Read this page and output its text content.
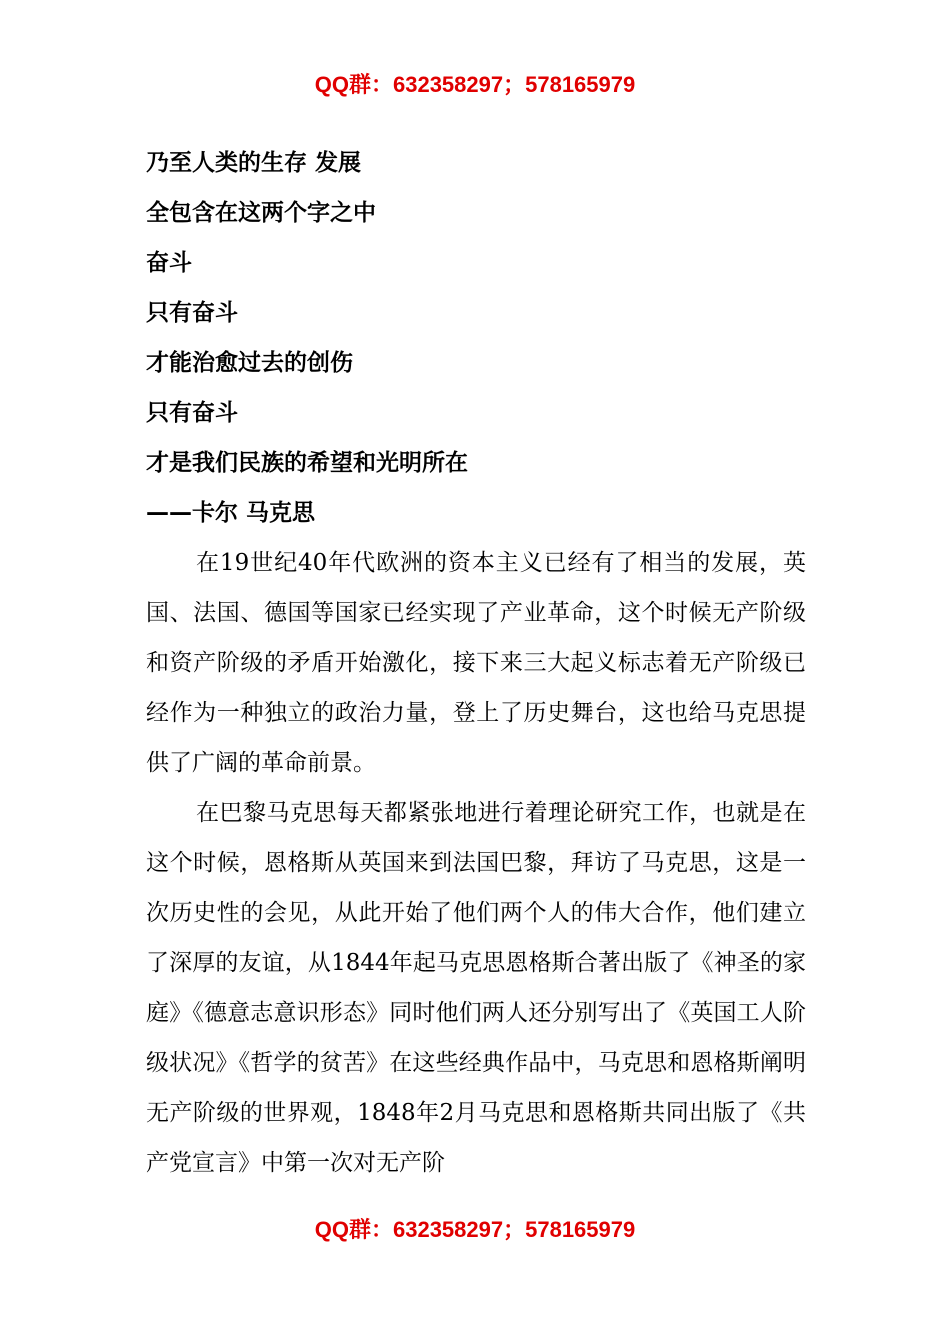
QQ群：632358297；578165979
乃至人类的生存 发展
全包含在这两个字之中
奋斗
只有奋斗
才能治愈过去的创伤
只有奋斗
才是我们民族的希望和光明所在
——卡尔 马克思

在19世纪40年代欧洲的资本主义已经有了相当的发展，英国、法国、德国等国家已经实现了产业革命，这个时候无产阶级和资产阶级的矛盾开始激化，接下来三大起义标志着无产阶级已经作为一种独立的政治力量，登上了历史舞台，这也给马克思提供了广阔的革命前景。

在巴黎马克思每天都紧张地进行着理论研究工作，也就是在这个时候，恩格斯从英国来到法国巴黎，拜访了马克思，这是一次历史性的会见，从此开始了他们两个人的伟大合作，他们建立了深厚的友谊，从1844年起马克思恩格斯合著出版了《神圣的家庭》《德意志意识形态》同时他们两人还分别写出了《英国工人阶级状况》《哲学的贫苦》在这些经典作品中，马克思和恩格斯阐明无产阶级的世界观，1848年2月马克思和恩格斯共同出版了《共产党宣言》中第一次对无产阶

QQ群：632358297；578165979
